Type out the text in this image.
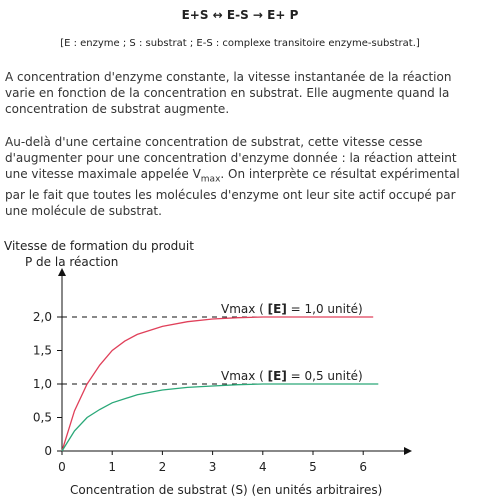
E+S ↔ E-S → E+ P
[E : enzyme ; S : substrat ; E-S : complexe transitoire enzyme-substrat.]

A concentration d'enzyme constante, la vitesse instantanée de la réaction varie en fonction de la concentration en substrat. Elle augmente quand la concentration de substrat augmente.

Au-delà d'une certaine concentration de substrat, cette vitesse cesse d'augmenter pour une concentration d'enzyme donnée : la réaction atteint une vitesse maximale appelée $V_{max}$. On interprète ce résultat expérimental par le fait que toutes les molécules d'enzyme ont leur site actif occupé par une molécule de substrat.

Vitesse de formation du produit
P de la réaction
0
0,5
1,0
1,5
2,0
0	1	2	3	4	5	6
Vmax ( [E] = 1,0 unité)
Vmax ( [E] = 0,5 unité)
Concentration de substrat (S) (en unités arbitraires)
